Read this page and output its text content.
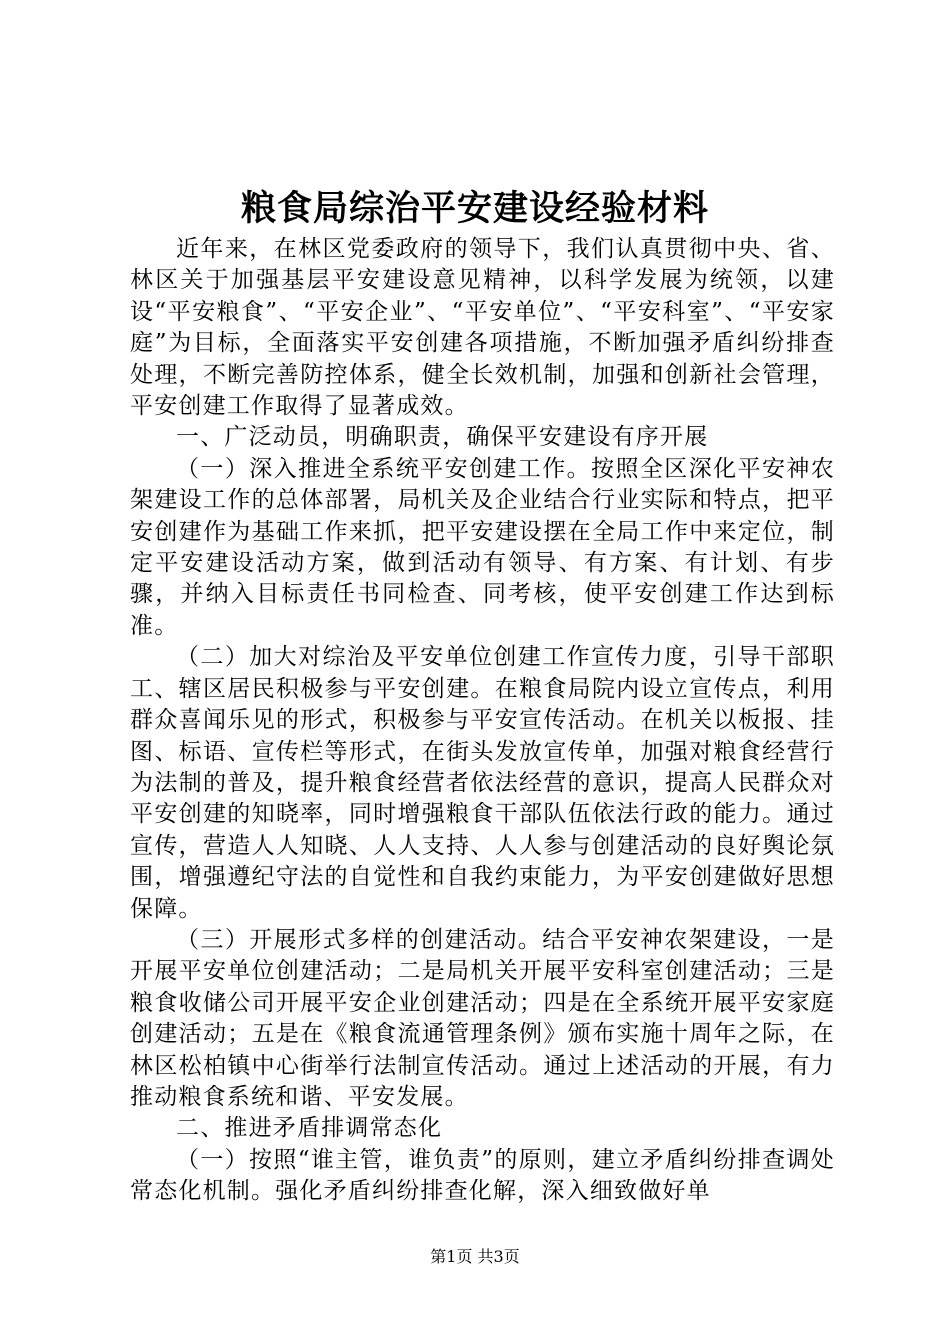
粮食局综治平安建设经验材料

近年来，在林区党委政府的领导下，我们认真贯彻中央、省、林区关于加强基层平安建设意见精神，以科学发展为统领，以建设“平安粮食”、“平安企业”、“平安单位”、“平安科室”、“平安家庭”为目标，全面落实平安创建各项措施，不断加强矛盾纠纷排查处理，不断完善防控体系，健全长效机制，加强和创新社会管理，平安创建工作取得了显著成效。

一、广泛动员，明确职责，确保平安建设有序开展

（一）深入推进全系统平安创建工作。按照全区深化平安神农架建设工作的总体部署，局机关及企业结合行业实际和特点，把平安创建作为基础工作来抓，把平安建设摆在全局工作中来定位，制定平安建设活动方案，做到活动有领导、有方案、有计划、有步骤，并纳入目标责任书同检查、同考核，使平安创建工作达到标准。

（二）加大对综治及平安单位创建工作宣传力度，引导干部职工、辖区居民积极参与平安创建。在粮食局院内设立宣传点，利用群众喜闻乐见的形式，积极参与平安宣传活动。在机关以板报、挂图、标语、宣传栏等形式，在街头发放宣传单，加强对粮食经营行为法制的普及，提升粮食经营者依法经营的意识，提高人民群众对平安创建的知晓率，同时增强粮食干部队伍依法行政的能力。通过宣传，营造人人知晓、人人支持、人人参与创建活动的良好舆论氛围，增强遵纪守法的自觉性和自我约束能力，为平安创建做好思想保障。

（三）开展形式多样的创建活动。结合平安神农架建设，一是开展平安单位创建活动；二是局机关开展平安科室创建活动；三是粮食收储公司开展平安企业创建活动；四是在全系统开展平安家庭创建活动；五是在《粮食流通管理条例》颁布实施十周年之际，在林区松柏镇中心街举行法制宣传活动。通过上述活动的开展，有力推动粮食系统和谐、平安发展。

二、推进矛盾排调常态化

（一）按照“谁主管，谁负责”的原则，建立矛盾纠纷排查调处常态化机制。强化矛盾纠纷排查化解，深入细致做好单

第1页 共3页
